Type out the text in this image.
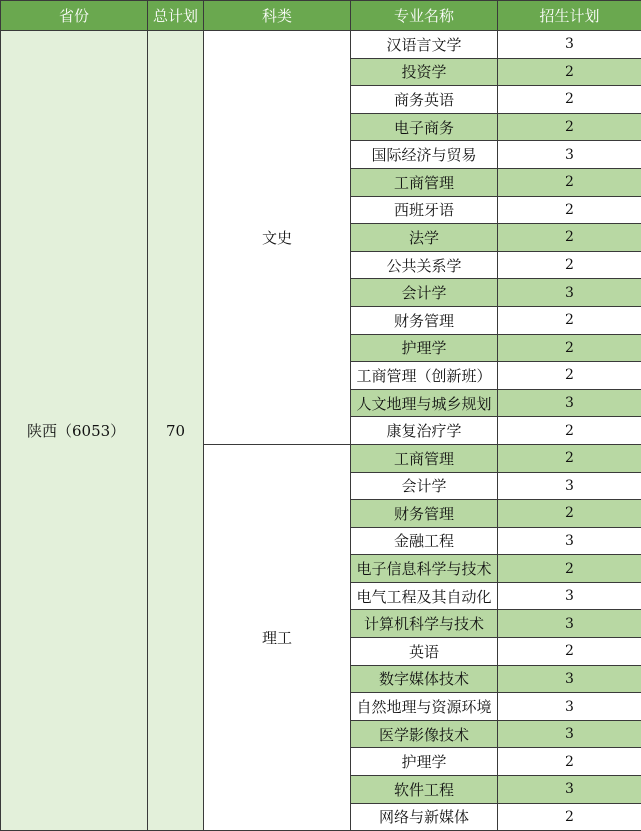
省份	总计划	科类	专业名称	招生计划
陕西（6053）	70	文史	汉语言文学	3
			投资学	2
			商务英语	2
			电子商务	2
			国际经济与贸易	3
			工商管理	2
			西班牙语	2
			法学	2
			公共关系学	2
			会计学	3
			财务管理	2
			护理学	2
			工商管理（创新班）	2
			人文地理与城乡规划	3
			康复治疗学	2
		理工	工商管理	2
			会计学	3
			财务管理	2
			金融工程	3
			电子信息科学与技术	2
			电气工程及其自动化	3
			计算机科学与技术	3
			英语	2
			数字媒体技术	3
			自然地理与资源环境	3
			医学影像技术	3
			护理学	2
			软件工程	3
			网络与新媒体	2
